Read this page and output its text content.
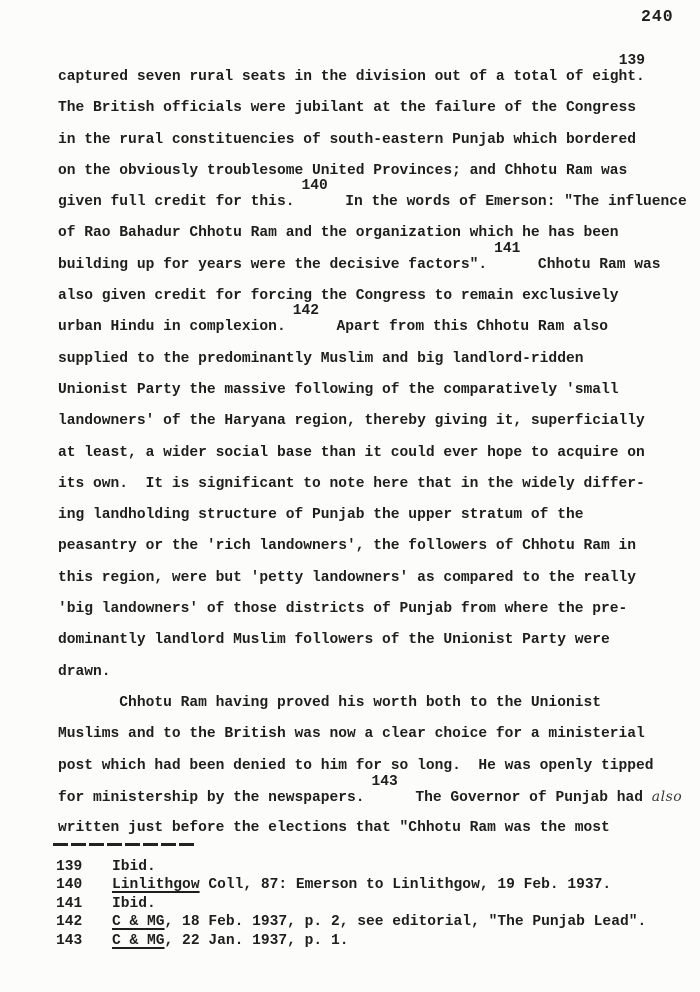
240
captured seven rural seats in the division out of a total of eight.139
The British officials were jubilant at the failure of the Congress
in the rural constituencies of south-eastern Punjab which bordered
on the obviously troublesome United Provinces; and Chhotu Ram was
given full credit for this.140  In the words of Emerson: "The influence
of Rao Bahadur Chhotu Ram and the organization which he has been
building up for years were the decisive factors".141  Chhotu Ram was
also given credit for forcing the Congress to remain exclusively
urban Hindu in complexion.142  Apart from this Chhotu Ram also
supplied to the predominantly Muslim and big landlord-ridden
Unionist Party the massive following of the comparatively 'small
landowners' of the Haryana region, thereby giving it, superficially
at least, a wider social base than it could ever hope to acquire on
its own.  It is significant to note here that in the widely differ-
ing landholding structure of Punjab the upper stratum of the
peasantry or the 'rich landowners', the followers of Chhotu Ram in
this region, were but 'petty landowners' as compared to the really
'big landowners' of those districts of Punjab from where the pre-
dominantly landlord Muslim followers of the Unionist Party were
drawn.
Chhotu Ram having proved his worth both to the Unionist
Muslims and to the British was now a clear choice for a ministerial
post which had been denied to him for so long.  He was openly tipped
for ministership by the newspapers.143  The Governor of Punjab had also
written just before the elections that "Chhotu Ram was the most
139	Ibid.
140	Linlithgow Coll, 87: Emerson to Linlithgow, 19 Feb. 1937.
141	Ibid.
142	C & MG, 18 Feb. 1937, p. 2, see editorial, "The Punjab Lead".
143	C & MG, 22 Jan. 1937, p. 1.
